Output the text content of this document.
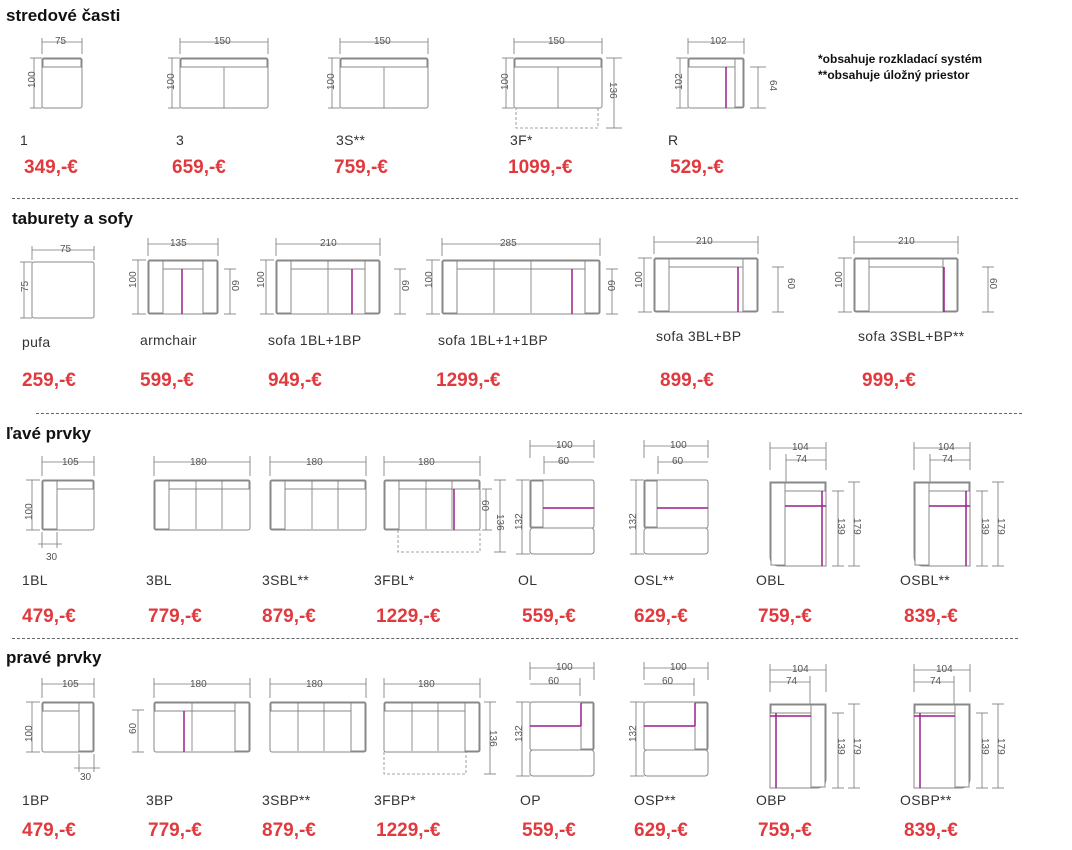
stredové časti
taburety a sofy
ľavé prvky
pravé prvky
*obsahuje rozkladací systém
**obsahuje úložný priestor
75
100
1
349,-€
150
100
3
659,-€
150
100
3S**
759,-€
150
100
136
3F*
1099,-€
102
102	64
R
529,-€
75
75
pufa
259,-€
135
100	60
armchair
599,-€
210
100	60
sofa 1BL+1BP
949,-€
285
100	60
sofa 1BL+1+1BP
1299,-€
210
100	60
sofa 3BL+BP
899,-€
210
100	60
sofa 3SBL+BP**
999,-€
105
100
30
1BL
479,-€
180
3BL
779,-€
180
3SBL**
879,-€
180
60
136
3FBL*
1229,-€
100
60
132
OL
559,-€
100
60
132
OSL**
629,-€
104
74
139 179
OBL
759,-€
104
74
139 179
OSBL**
839,-€
105
100
30
1BP
479,-€
180
60
3BP
779,-€
180
3SBP**
879,-€
180
136
3FBP*
1229,-€
100
60
132
OP
559,-€
100
60
132
OSP**
629,-€
104
74
139 179
OBP
759,-€
104
74
139 179
OSBP**
839,-€
